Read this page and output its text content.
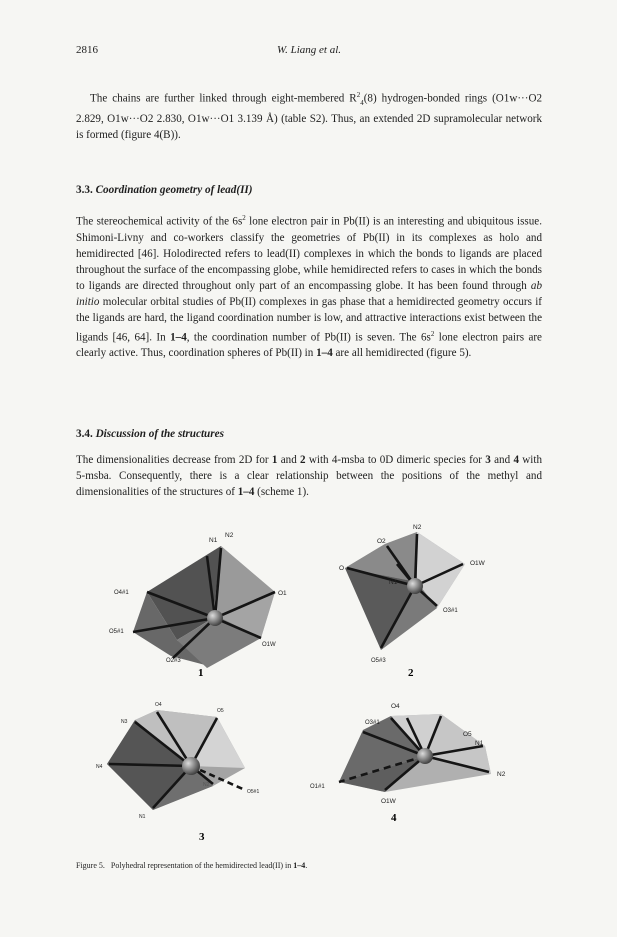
2816	W. Liang et al.

The chains are further linked through eight-membered $R^2_4(8)$ hydrogen-bonded rings (O1w···O2 2.829, O1w···O2 2.830, O1w···O1 3.139 Å) (table S2). Thus, an extended 2D supramolecular network is formed (figure 4(B)).

3.3. Coordination geometry of lead(II)

The stereochemical activity of the $6s^2$ lone electron pair in Pb(II) is an interesting and ubiquitous issue. Shimoni-Livny and co-workers classify the geometries of Pb(II) in its complexes as holo and hemidirected [46]. Holodirected refers to lead(II) complexes in which the bonds to ligands are placed throughout the surface of the encompassing globe, while hemidirected refers to cases in which the bonds to ligands are directed throughout only part of an encompassing globe. It has been found through ab initio molecular orbital studies of Pb(II) complexes in gas phase that a hemidirected geometry occurs if the ligands are hard, the ligand coordination number is low, and attractive interactions exist between the ligands [46, 64]. In 1–4, the coordination number of Pb(II) is seven. The $6s^2$ lone electron pairs are clearly active. Thus, coordination spheres of Pb(II) in 1–4 are all hemidirected (figure 5).

3.4. Discussion of the structures

The dimensionalities decrease from 2D for 1 and 2 with 4-msba to 0D dimeric species for 3 and 4 with 5-msba. Consequently, there is a clear relationship between the positions of the methyl and dimensionalities of the structures of 1–4 (scheme 1).

N1
N2
O4#1	O1
O5#1
O2#3
O1W
1
N2
O2
O1W
O
N1
O3#1
O5#3
2
O4
O5
N3
N4
N2
O5#1
N1
3
O4
O3#1
O5
N1
N2
O1#1
O1W
4
Figure 5. Polyhedral representation of the hemidirected lead(II) in 1–4.
